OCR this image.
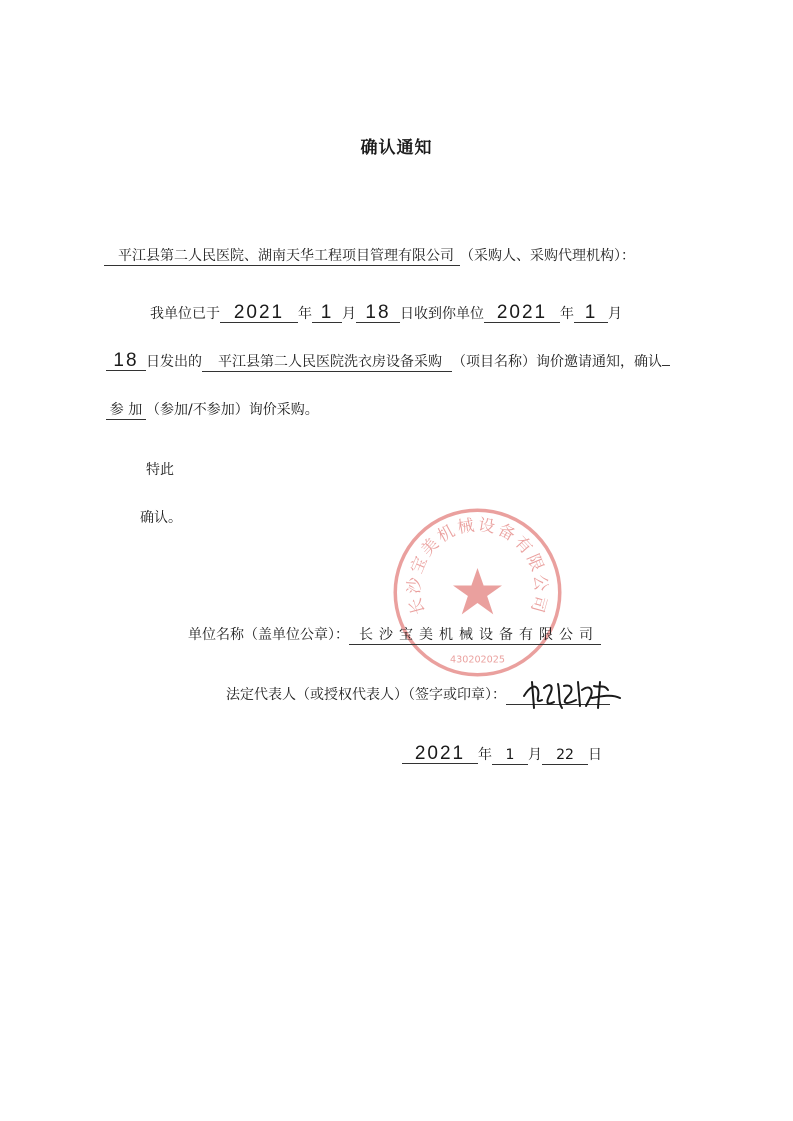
确认通知
平江县第二人民医院、湖南天华工程项目管理有限公司 （采购人、采购代理机构）：
我单位已于 2021 年 1 月 18 日收到你单位 2021 年 1 月
18 日发出的 平江县第二人民医院洗衣房设备采购 （项目名称）询价邀请通知，确认
参 加 （参加/不参加）询价采购。
特此
确认。
长沙宝美机械设备有限公司
430202025
单位名称（盖单位公章）： 长沙宝美机械设备有限公司
法定代表人（或授权代表人）（签字或印章）：
2021 年 1 月 22 日
